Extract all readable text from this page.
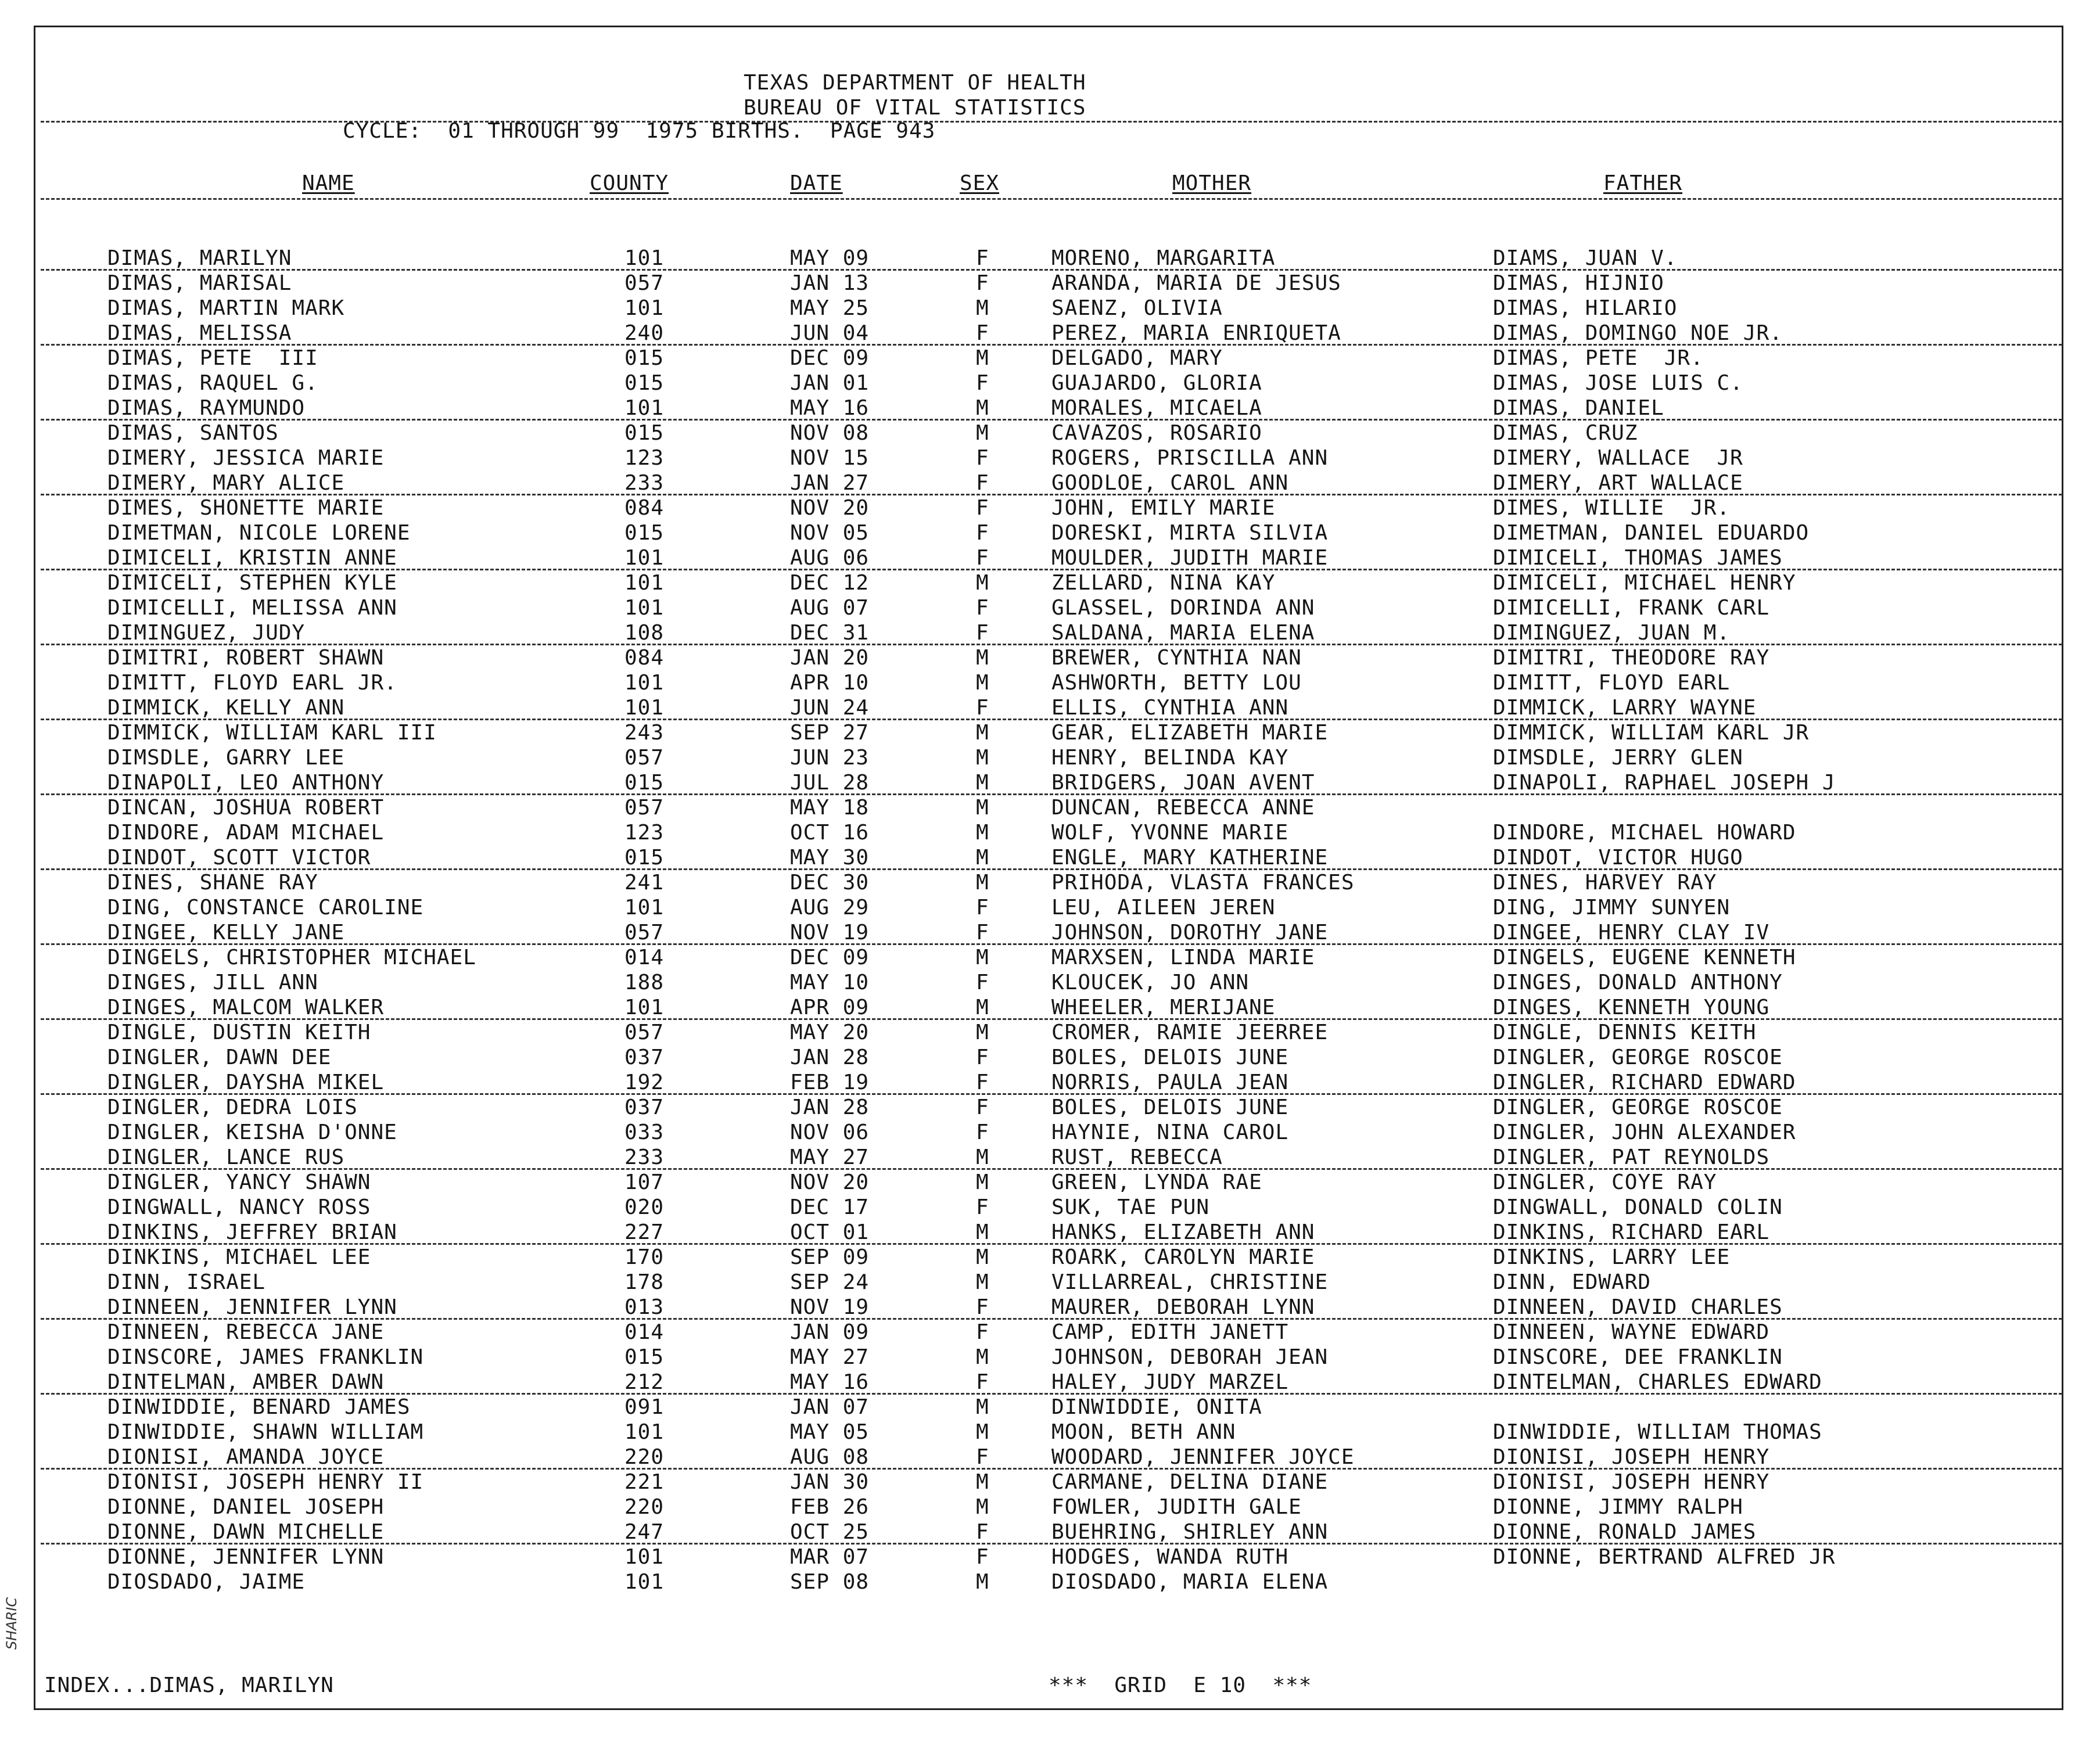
TEXAS DEPARTMENT OF HEALTH
BUREAU OF VITAL STATISTICS
CYCLE:  01 THROUGH 99  1975 BIRTHS.  PAGE 943
NAME	COUNTY	DATE	SEX	MOTHER	FATHER
DIMAS, MARILYN	101	MAY 09	F	MORENO, MARGARITA	DIAMS, JUAN V.
DIMAS, MARISAL	057	JAN 13	F	ARANDA, MARIA DE JESUS	DIMAS, HIJNIO
DIMAS, MARTIN MARK	101	MAY 25	M	SAENZ, OLIVIA	DIMAS, HILARIO
DIMAS, MELISSA	240	JUN 04	F	PEREZ, MARIA ENRIQUETA	DIMAS, DOMINGO NOE JR.
DIMAS, PETE  III	015	DEC 09	M	DELGADO, MARY	DIMAS, PETE  JR.
DIMAS, RAQUEL G.	015	JAN 01	F	GUAJARDO, GLORIA	DIMAS, JOSE LUIS C.
DIMAS, RAYMUNDO	101	MAY 16	M	MORALES, MICAELA	DIMAS, DANIEL
DIMAS, SANTOS	015	NOV 08	M	CAVAZOS, ROSARIO	DIMAS, CRUZ
DIMERY, JESSICA MARIE	123	NOV 15	F	ROGERS, PRISCILLA ANN	DIMERY, WALLACE  JR
DIMERY, MARY ALICE	233	JAN 27	F	GOODLOE, CAROL ANN	DIMERY, ART WALLACE
DIMES, SHONETTE MARIE	084	NOV 20	F	JOHN, EMILY MARIE	DIMES, WILLIE  JR.
DIMETMAN, NICOLE LORENE	015	NOV 05	F	DORESKI, MIRTA SILVIA	DIMETMAN, DANIEL EDUARDO
DIMICELI, KRISTIN ANNE	101	AUG 06	F	MOULDER, JUDITH MARIE	DIMICELI, THOMAS JAMES
DIMICELI, STEPHEN KYLE	101	DEC 12	M	ZELLARD, NINA KAY	DIMICELI, MICHAEL HENRY
DIMICELLI, MELISSA ANN	101	AUG 07	F	GLASSEL, DORINDA ANN	DIMICELLI, FRANK CARL
DIMINGUEZ, JUDY	108	DEC 31	F	SALDANA, MARIA ELENA	DIMINGUEZ, JUAN M.
DIMITRI, ROBERT SHAWN	084	JAN 20	M	BREWER, CYNTHIA NAN	DIMITRI, THEODORE RAY
DIMITT, FLOYD EARL JR.	101	APR 10	M	ASHWORTH, BETTY LOU	DIMITT, FLOYD EARL
DIMMICK, KELLY ANN	101	JUN 24	F	ELLIS, CYNTHIA ANN	DIMMICK, LARRY WAYNE
DIMMICK, WILLIAM KARL III	243	SEP 27	M	GEAR, ELIZABETH MARIE	DIMMICK, WILLIAM KARL JR
DIMSDLE, GARRY LEE	057	JUN 23	M	HENRY, BELINDA KAY	DIMSDLE, JERRY GLEN
DINAPOLI, LEO ANTHONY	015	JUL 28	M	BRIDGERS, JOAN AVENT	DINAPOLI, RAPHAEL JOSEPH J
DINCAN, JOSHUA ROBERT	057	MAY 18	M	DUNCAN, REBECCA ANNE
DINDORE, ADAM MICHAEL	123	OCT 16	M	WOLF, YVONNE MARIE	DINDORE, MICHAEL HOWARD
DINDOT, SCOTT VICTOR	015	MAY 30	M	ENGLE, MARY KATHERINE	DINDOT, VICTOR HUGO
DINES, SHANE RAY	241	DEC 30	M	PRIHODA, VLASTA FRANCES	DINES, HARVEY RAY
DING, CONSTANCE CAROLINE	101	AUG 29	F	LEU, AILEEN JEREN	DING, JIMMY SUNYEN
DINGEE, KELLY JANE	057	NOV 19	F	JOHNSON, DOROTHY JANE	DINGEE, HENRY CLAY IV
DINGELS, CHRISTOPHER MICHAEL	014	DEC 09	M	MARXSEN, LINDA MARIE	DINGELS, EUGENE KENNETH
DINGES, JILL ANN	188	MAY 10	F	KLOUCEK, JO ANN	DINGES, DONALD ANTHONY
DINGES, MALCOM WALKER	101	APR 09	M	WHEELER, MERIJANE	DINGES, KENNETH YOUNG
DINGLE, DUSTIN KEITH	057	MAY 20	M	CROMER, RAMIE JEERREE	DINGLE, DENNIS KEITH
DINGLER, DAWN DEE	037	JAN 28	F	BOLES, DELOIS JUNE	DINGLER, GEORGE ROSCOE
DINGLER, DAYSHA MIKEL	192	FEB 19	F	NORRIS, PAULA JEAN	DINGLER, RICHARD EDWARD
DINGLER, DEDRA LOIS	037	JAN 28	F	BOLES, DELOIS JUNE	DINGLER, GEORGE ROSCOE
DINGLER, KEISHA D'ONNE	033	NOV 06	F	HAYNIE, NINA CAROL	DINGLER, JOHN ALEXANDER
DINGLER, LANCE RUS	233	MAY 27	M	RUST, REBECCA	DINGLER, PAT REYNOLDS
DINGLER, YANCY SHAWN	107	NOV 20	M	GREEN, LYNDA RAE	DINGLER, COYE RAY
DINGWALL, NANCY ROSS	020	DEC 17	F	SUK, TAE PUN	DINGWALL, DONALD COLIN
DINKINS, JEFFREY BRIAN	227	OCT 01	M	HANKS, ELIZABETH ANN	DINKINS, RICHARD EARL
DINKINS, MICHAEL LEE	170	SEP 09	M	ROARK, CAROLYN MARIE	DINKINS, LARRY LEE
DINN, ISRAEL	178	SEP 24	M	VILLARREAL, CHRISTINE	DINN, EDWARD
DINNEEN, JENNIFER LYNN	013	NOV 19	F	MAURER, DEBORAH LYNN	DINNEEN, DAVID CHARLES
DINNEEN, REBECCA JANE	014	JAN 09	F	CAMP, EDITH JANETT	DINNEEN, WAYNE EDWARD
DINSCORE, JAMES FRANKLIN	015	MAY 27	M	JOHNSON, DEBORAH JEAN	DINSCORE, DEE FRANKLIN
DINTELMAN, AMBER DAWN	212	MAY 16	F	HALEY, JUDY MARZEL	DINTELMAN, CHARLES EDWARD
DINWIDDIE, BENARD JAMES	091	JAN 07	M	DINWIDDIE, ONITA
DINWIDDIE, SHAWN WILLIAM	101	MAY 05	M	MOON, BETH ANN	DINWIDDIE, WILLIAM THOMAS
DIONISI, AMANDA JOYCE	220	AUG 08	F	WOODARD, JENNIFER JOYCE	DIONISI, JOSEPH HENRY
DIONISI, JOSEPH HENRY II	221	JAN 30	M	CARMANE, DELINA DIANE	DIONISI, JOSEPH HENRY
DIONNE, DANIEL JOSEPH	220	FEB 26	M	FOWLER, JUDITH GALE	DIONNE, JIMMY RALPH
DIONNE, DAWN MICHELLE	247	OCT 25	F	BUEHRING, SHIRLEY ANN	DIONNE, RONALD JAMES
DIONNE, JENNIFER LYNN	101	MAR 07	F	HODGES, WANDA RUTH	DIONNE, BERTRAND ALFRED JR
DIOSDADO, JAIME	101	SEP 08	M	DIOSDADO, MARIA ELENA
INDEX...DIMAS, MARILYN	***  GRID  E 10  ***
SHARIC
